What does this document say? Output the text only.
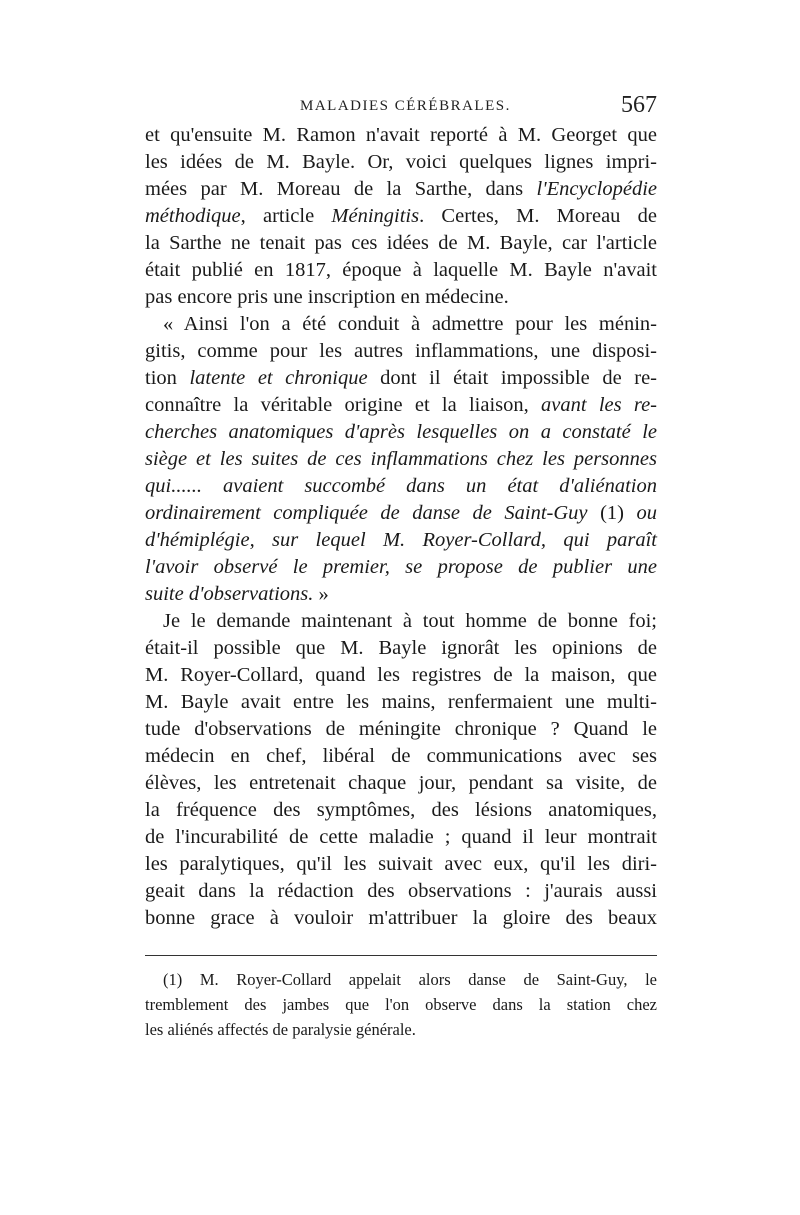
MALADIES CÉRÉBRALES.	567
et qu'ensuite M. Ramon n'avait reporté à M. Georget que
les idées de M. Bayle. Or, voici quelques lignes impri-
mées par M. Moreau de la Sarthe, dans l'Encyclopédie
méthodique, article Méningitis. Certes, M. Moreau de
la Sarthe ne tenait pas ces idées de M. Bayle, car l'article
était publié en 1817, époque à laquelle M. Bayle n'avait
pas encore pris une inscription en médecine.
« Ainsi l'on a été conduit à admettre pour les ménin-
gitis, comme pour les autres inflammations, une disposi-
tion latente et chronique dont il était impossible de re-
connaître la véritable origine et la liaison, avant les re-
cherches anatomiques d'après lesquelles on a constaté le
siège et les suites de ces inflammations chez les personnes
qui...... avaient succombé dans un état d'aliénation
ordinairement compliquée de danse de Saint-Guy (1) ou
d'hémiplégie, sur lequel M. Royer-Collard, qui paraît
l'avoir observé le premier, se propose de publier une
suite d'observations. »
Je le demande maintenant à tout homme de bonne foi;
était-il possible que M. Bayle ignorât les opinions de
M. Royer-Collard, quand les registres de la maison, que
M. Bayle avait entre les mains, renfermaient une multi-
tude d'observations de méningite chronique ? Quand le
médecin en chef, libéral de communications avec ses
élèves, les entretenait chaque jour, pendant sa visite, de
la fréquence des symptômes, des lésions anatomiques,
de l'incurabilité de cette maladie ; quand il leur montrait
les paralytiques, qu'il les suivait avec eux, qu'il les diri-
geait dans la rédaction des observations : j'aurais aussi
bonne grace à vouloir m'attribuer la gloire des beaux
(1) M. Royer-Collard appelait alors danse de Saint-Guy, le
tremblement des jambes que l'on observe dans la station chez
les aliénés affectés de paralysie générale.
